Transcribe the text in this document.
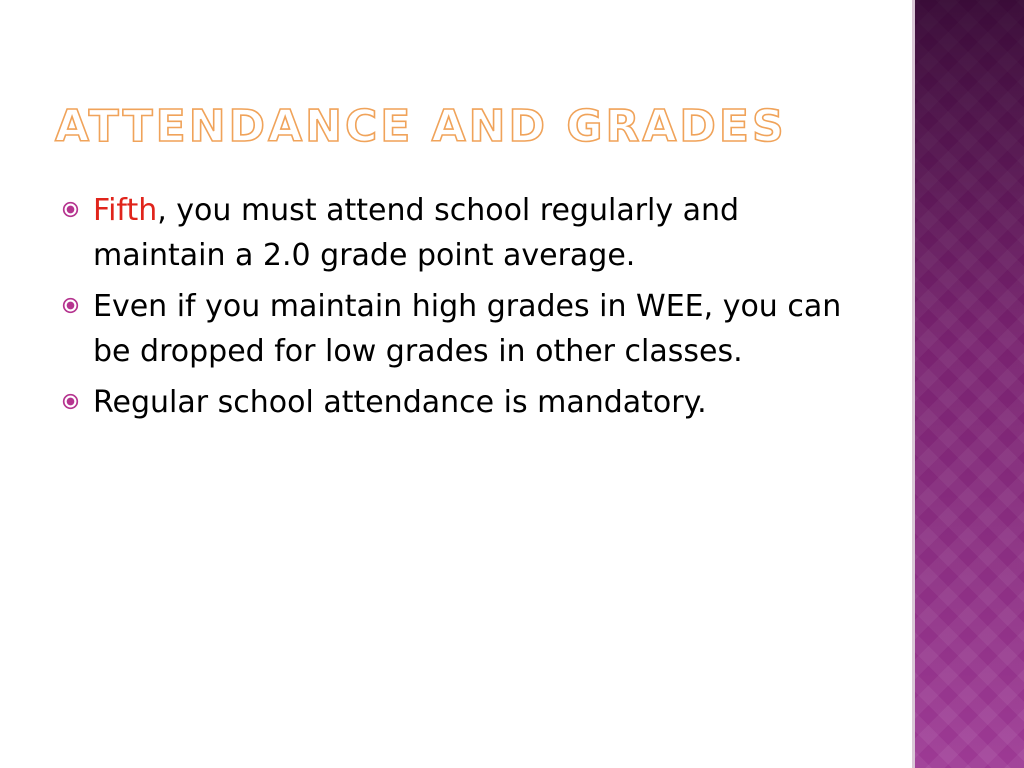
ATTENDANCE AND GRADES
Fifth, you must attend school regularly and maintain a 2.0 grade point average.
Even if you maintain high grades in WEE, you can be dropped for low grades in other classes.
Regular school attendance is mandatory.
